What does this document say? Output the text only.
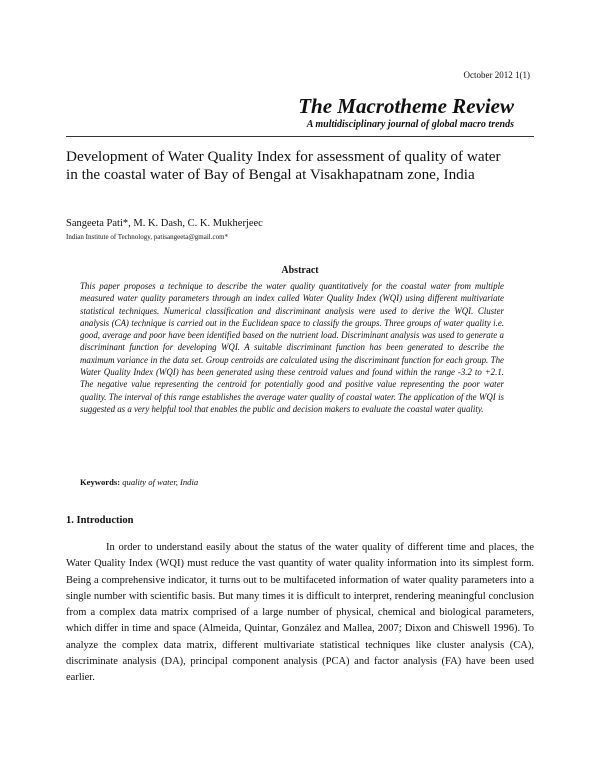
October 2012 1(1)
The Macrotheme Review
A multidisciplinary journal of global macro trends
Development of Water Quality Index for assessment of quality of water in the coastal water of Bay of Bengal at Visakhapatnam zone, India
Sangeeta Pati*, M. K. Dash, C. K. Mukherjeec
Indian Institute of Technology, patisangeeta@gmail.com*
Abstract

This paper proposes a technique to describe the water quality quantitatively for the coastal water from multiple measured water quality parameters through an index called Water Quality Index (WQI) using different multivariate statistical techniques. Numerical classification and discriminant analysis were used to derive the WQI. Cluster analysis (CA) technique is carried out in the Euclidean space to classify the groups. Three groups of water quality i.e. good, average and poor have been identified based on the nutrient load. Discriminant analysis was used to generate a discriminant function for developing WQI. A suitable discriminant function has been generated to describe the maximum variance in the data set. Group centroids are calculated using the discriminant function for each group. The Water Quality Index (WQI) has been generated using these centroid values and found within the range -3.2 to +2.1. The negative value representing the centroid for potentially good and positive value representing the poor water quality. The interval of this range establishes the average water quality of coastal water. The application of the WQI is suggested as a very helpful tool that enables the public and decision makers to evaluate the coastal water quality.

Keywords: quality of water, India
1. Introduction

In order to understand easily about the status of the water quality of different time and places, the Water Quality Index (WQI) must reduce the vast quantity of water quality information into its simplest form. Being a comprehensive indicator, it turns out to be multifaceted information of water quality parameters into a single number with scientific basis. But many times it is difficult to interpret, rendering meaningful conclusion from a complex data matrix comprised of a large number of physical, chemical and biological parameters, which differ in time and space (Almeida, Quintar, González and Mallea, 2007; Dixon and Chiswell 1996). To analyze the complex data matrix, different multivariate statistical techniques like cluster analysis (CA), discriminate analysis (DA), principal component analysis (PCA) and factor analysis (FA) have been used earlier.
